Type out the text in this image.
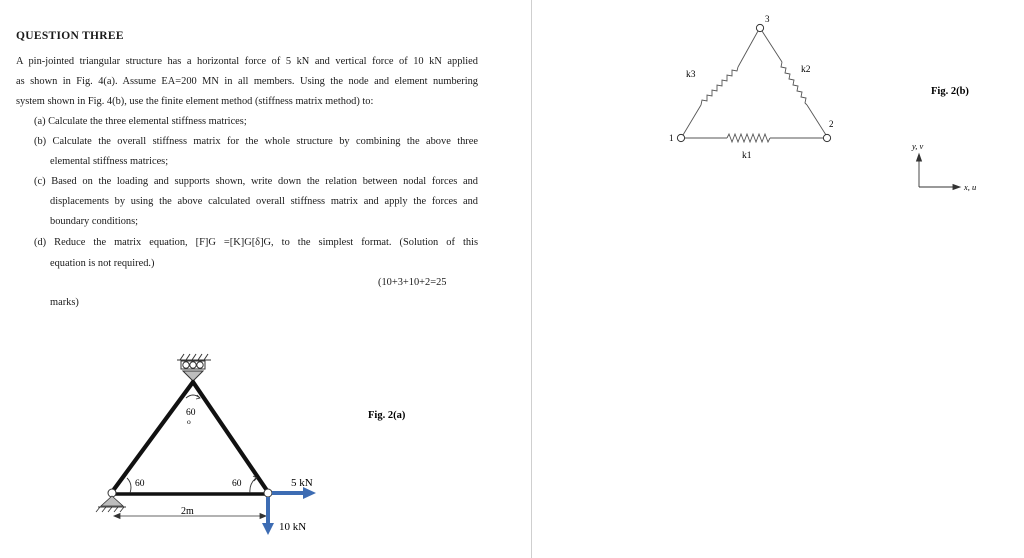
QUESTION THREE
A pin-jointed triangular structure has a horizontal force of 5 kN and vertical force of 10 kN applied
as shown in Fig. 4(a). Assume EA=200 MN in all members. Using the node and element numbering
system shown in Fig. 4(b), use the finite element method (stiffness matrix method) to:
(a) Calculate the three elemental stiffness matrices;
(b) Calculate the overall stiffness matrix for the whole structure by combining the above three
elemental stiffness matrices;
(c) Based on the loading and supports shown, write down the relation between nodal forces and
displacements by using the above calculated overall stiffness matrix and apply the forces and
boundary conditions;
(d) Reduce the matrix equation, [F]G =[K]G[δ]G, to the simplest format. (Solution of this
equation is not required.)
(10+3+10+2=25
marks)
60
o
60	60
2m
5 kN
10 kN
Fig. 2(a)
1
2
3
k1
k2
k3
Fig. 2(b)
y, v
x, u
